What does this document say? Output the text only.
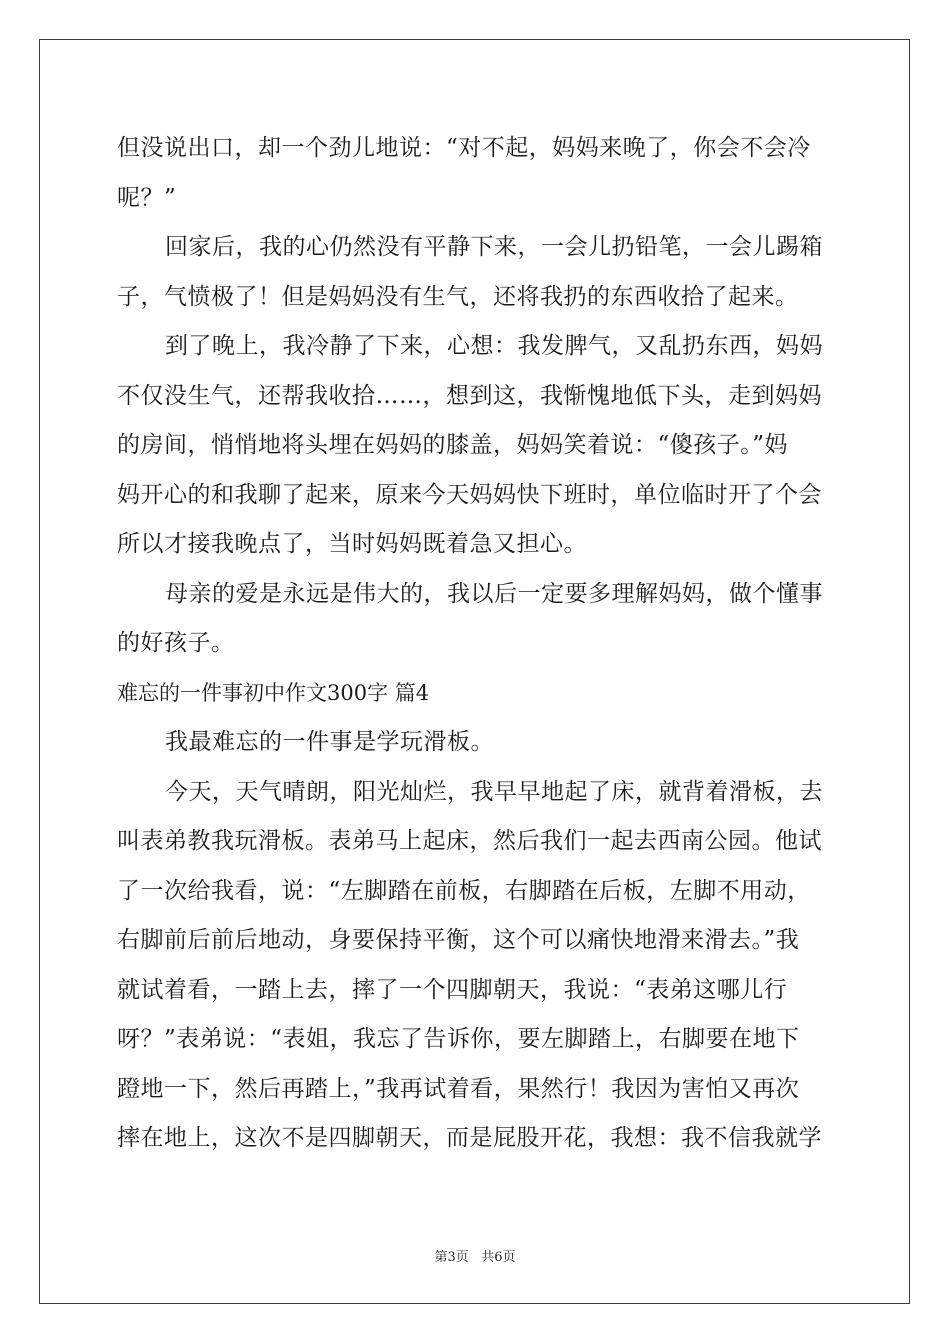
但没说出口，却一个劲儿地说：“对不起，妈妈来晚了，你会不会冷
呢？”
回家后，我的心仍然没有平静下来，一会儿扔铅笔，一会儿踢箱
子，气愤极了！但是妈妈没有生气，还将我扔的东西收拾了起来。
到了晚上，我冷静了下来，心想：我发脾气，又乱扔东西，妈妈
不仅没生气，还帮我收拾……，想到这，我惭愧地低下头，走到妈妈
的房间，悄悄地将头埋在妈妈的膝盖，妈妈笑着说：“傻孩子。”妈
妈开心的和我聊了起来，原来今天妈妈快下班时，单位临时开了个会
所以才接我晚点了，当时妈妈既着急又担心。
母亲的爱是永远是伟大的，我以后一定要多理解妈妈，做个懂事
的好孩子。
难忘的一件事初中作文300字 篇4
我最难忘的一件事是学玩滑板。
今天，天气晴朗，阳光灿烂，我早早地起了床，就背着滑板，去
叫表弟教我玩滑板。表弟马上起床，然后我们一起去西南公园。他试
了一次给我看，说：“左脚踏在前板，右脚踏在后板，左脚不用动，
右脚前后前后地动，身要保持平衡，这个可以痛快地滑来滑去。”我
就试着看，一踏上去，摔了一个四脚朝天，我说：“表弟这哪儿行
呀？”表弟说：“表姐，我忘了告诉你，要左脚踏上，右脚要在地下
蹬地一下，然后再踏上，”我再试着看，果然行！我因为害怕又再次
摔在地上，这次不是四脚朝天，而是屁股开花，我想：我不信我就学
第3页 共6页
